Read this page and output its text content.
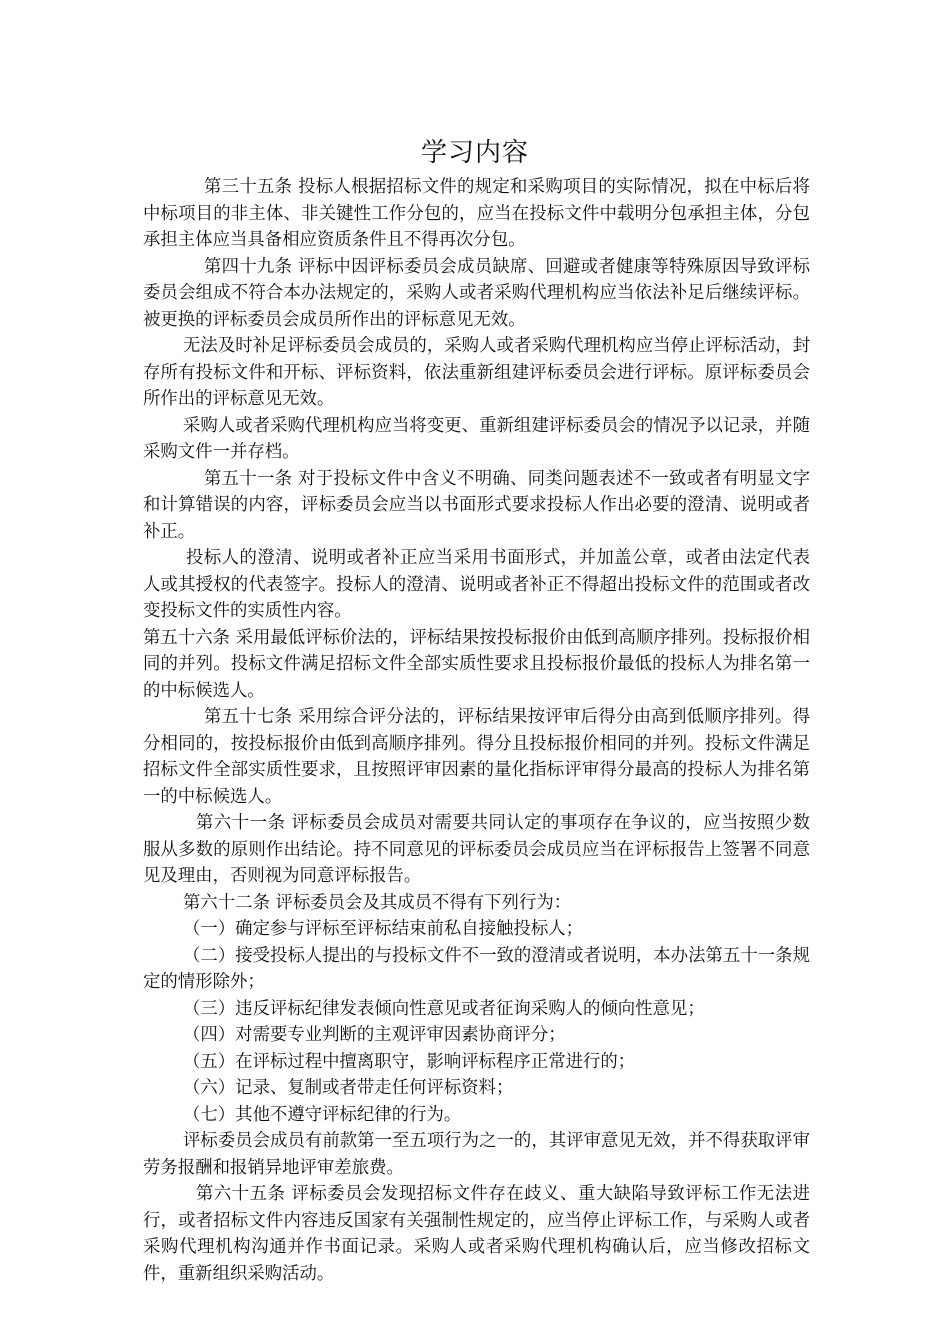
学习内容

第三十五条 投标人根据招标文件的规定和采购项目的实际情况，拟在中标后将中标项目的非主体、非关键性工作分包的，应当在投标文件中载明分包承担主体，分包承担主体应当具备相应资质条件且不得再次分包。

第四十九条 评标中因评标委员会成员缺席、回避或者健康等特殊原因导致评标委员会组成不符合本办法规定的，采购人或者采购代理机构应当依法补足后继续评标。被更换的评标委员会成员所作出的评标意见无效。

无法及时补足评标委员会成员的，采购人或者采购代理机构应当停止评标活动，封存所有投标文件和开标、评标资料，依法重新组建评标委员会进行评标。原评标委员会所作出的评标意见无效。

采购人或者采购代理机构应当将变更、重新组建评标委员会的情况予以记录，并随采购文件一并存档。

第五十一条 对于投标文件中含义不明确、同类问题表述不一致或者有明显文字和计算错误的内容，评标委员会应当以书面形式要求投标人作出必要的澄清、说明或者补正。

投标人的澄清、说明或者补正应当采用书面形式，并加盖公章，或者由法定代表人或其授权的代表签字。投标人的澄清、说明或者补正不得超出投标文件的范围或者改变投标文件的实质性内容。

第五十六条 采用最低评标价法的，评标结果按投标报价由低到高顺序排列。投标报价相同的并列。投标文件满足招标文件全部实质性要求且投标报价最低的投标人为排名第一的中标候选人。

第五十七条 采用综合评分法的，评标结果按评审后得分由高到低顺序排列。得分相同的，按投标报价由低到高顺序排列。得分且投标报价相同的并列。投标文件满足招标文件全部实质性要求，且按照评审因素的量化指标评审得分最高的投标人为排名第一的中标候选人。

第六十一条 评标委员会成员对需要共同认定的事项存在争议的，应当按照少数服从多数的原则作出结论。持不同意见的评标委员会成员应当在评标报告上签署不同意见及理由，否则视为同意评标报告。

第六十二条 评标委员会及其成员不得有下列行为：

（一）确定参与评标至评标结束前私自接触投标人；

（二）接受投标人提出的与投标文件不一致的澄清或者说明，本办法第五十一条规定的情形除外；

（三）违反评标纪律发表倾向性意见或者征询采购人的倾向性意见；

（四）对需要专业判断的主观评审因素协商评分；

（五）在评标过程中擅离职守，影响评标程序正常进行的；

（六）记录、复制或者带走任何评标资料；

（七）其他不遵守评标纪律的行为。

评标委员会成员有前款第一至五项行为之一的，其评审意见无效，并不得获取评审劳务报酬和报销异地评审差旅费。

第六十五条 评标委员会发现招标文件存在歧义、重大缺陷导致评标工作无法进行，或者招标文件内容违反国家有关强制性规定的，应当停止评标工作，与采购人或者采购代理机构沟通并作书面记录。采购人或者采购代理机构确认后，应当修改招标文件，重新组织采购活动。
